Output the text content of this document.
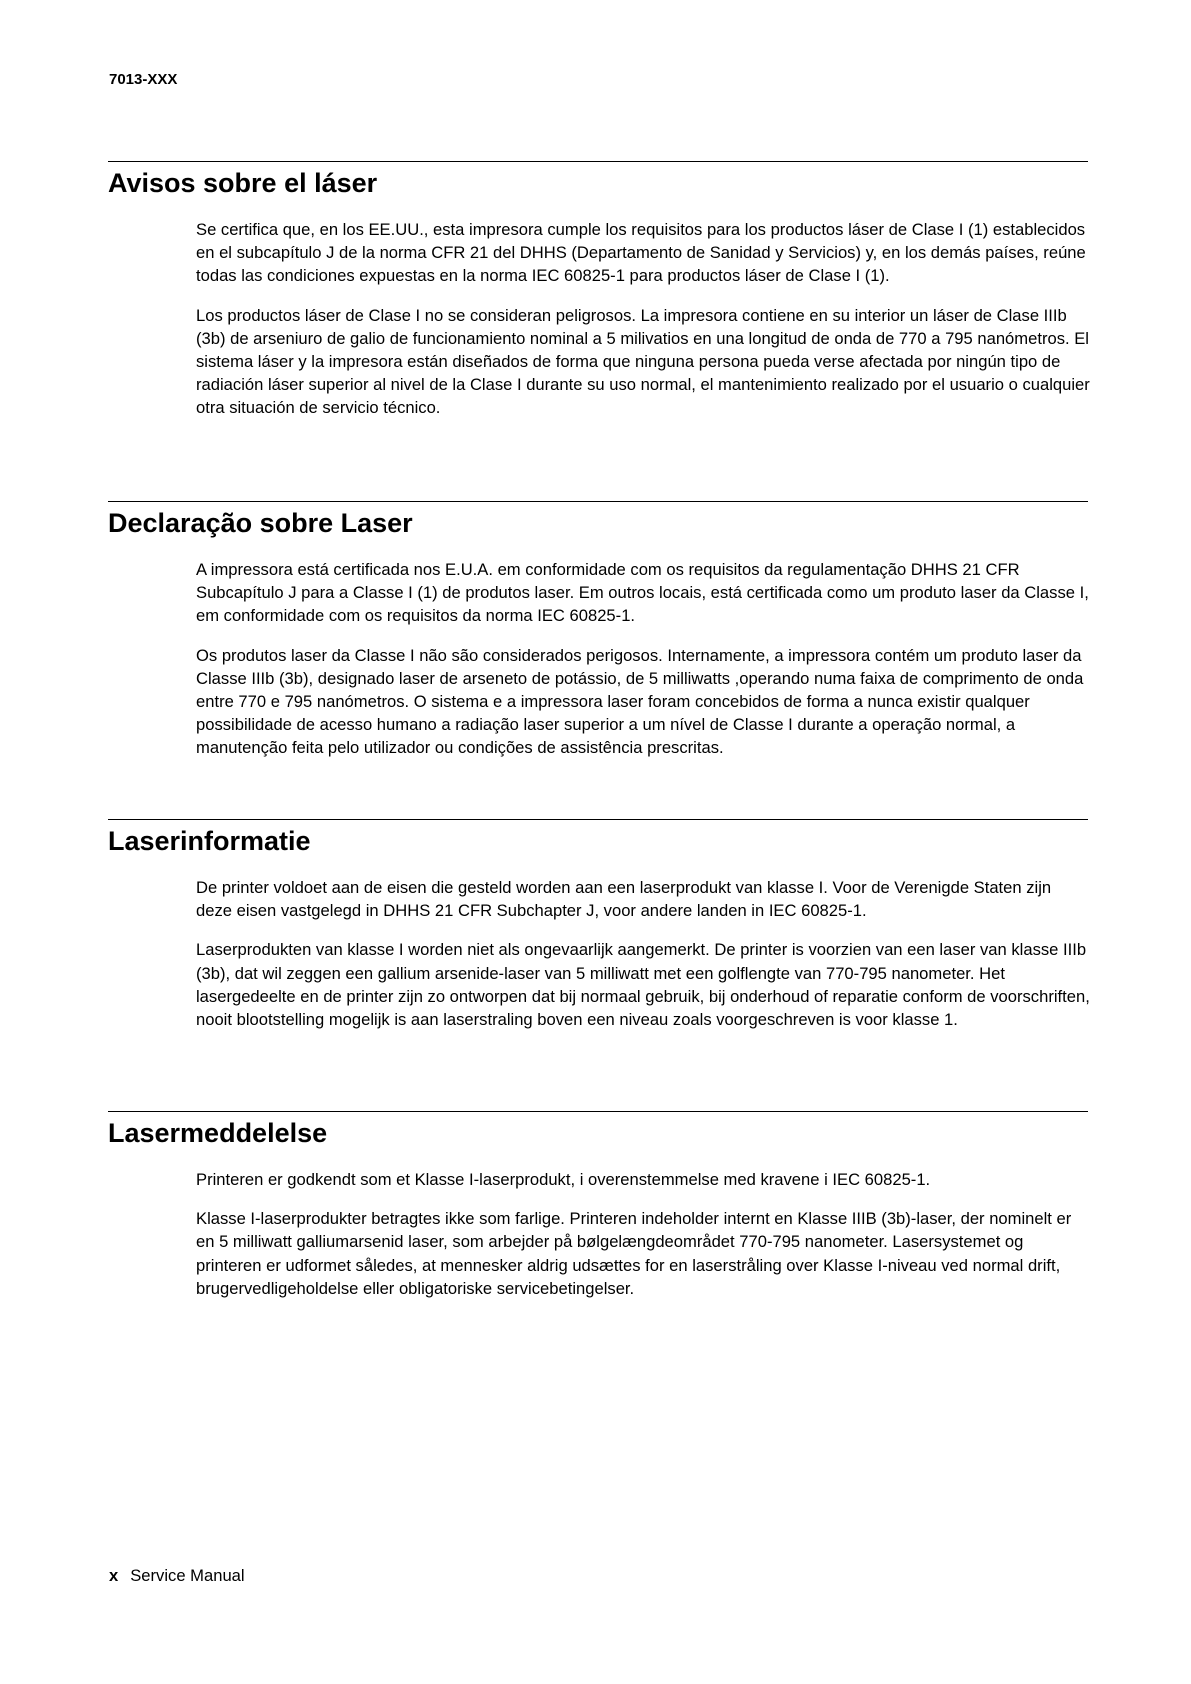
7013-XXX

Avisos sobre el láser

Se certifica que, en los EE.UU., esta impresora cumple los requisitos para los productos láser de Clase I (1) establecidos en el subcapítulo J de la norma CFR 21 del DHHS (Departamento de Sanidad y Servicios) y, en los demás países, reúne todas las condiciones expuestas en la norma IEC 60825-1 para productos láser de Clase I (1).

Los productos láser de Clase I no se consideran peligrosos. La impresora contiene en su interior un láser de Clase IIIb (3b) de arseniuro de galio de funcionamiento nominal a 5 milivatios en una longitud de onda de 770 a 795 nanómetros. El sistema láser y la impresora están diseñados de forma que ninguna persona pueda verse afectada por ningún tipo de radiación láser superior al nivel de la Clase I durante su uso normal, el mantenimiento realizado por el usuario o cualquier otra situación de servicio técnico.

Declaração sobre Laser

A impressora está certificada nos E.U.A. em conformidade com os requisitos da regulamentação DHHS 21 CFR Subcapítulo J para a Classe I (1) de produtos laser. Em outros locais, está certificada como um produto laser da Classe I, em conformidade com os requisitos da norma IEC 60825-1.

Os produtos laser da Classe I não são considerados perigosos. Internamente, a impressora contém um produto laser da Classe IIIb (3b), designado laser de arseneto de potássio, de 5 milliwatts ,operando numa faixa de comprimento de onda entre 770 e 795 nanómetros. O sistema e a impressora laser foram concebidos de forma a nunca existir qualquer possibilidade de acesso humano a radiação laser superior a um nível de Classe I durante a operação normal, a manutenção feita pelo utilizador ou condições de assistência prescritas.

Laserinformatie

De printer voldoet aan de eisen die gesteld worden aan een laserprodukt van klasse I. Voor de Verenigde Staten zijn deze eisen vastgelegd in DHHS 21 CFR Subchapter J, voor andere landen in IEC 60825-1.

Laserprodukten van klasse I worden niet als ongevaarlijk aangemerkt. De printer is voorzien van een laser van klasse IIIb (3b), dat wil zeggen een gallium arsenide-laser van 5 milliwatt met een golflengte van 770-795 nanometer. Het lasergedeelte en de printer zijn zo ontworpen dat bij normaal gebruik, bij onderhoud of reparatie conform de voorschriften, nooit blootstelling mogelijk is aan laserstraling boven een niveau zoals voorgeschreven is voor klasse 1.

Lasermeddelelse

Printeren er godkendt som et Klasse I-laserprodukt, i overenstemmelse med kravene i IEC 60825-1.

Klasse I-laserprodukter betragtes ikke som farlige. Printeren indeholder internt en Klasse IIIB (3b)-laser, der nominelt er en 5 milliwatt galliumarsenid laser, som arbejder på bølgelængdeområdet 770-795 nanometer. Lasersystemet og printeren er udformet således, at mennesker aldrig udsættes for en laserstråling over Klasse I-niveau ved normal drift, brugervedligeholdelse eller obligatoriske servicebetingelser.

x Service Manual
